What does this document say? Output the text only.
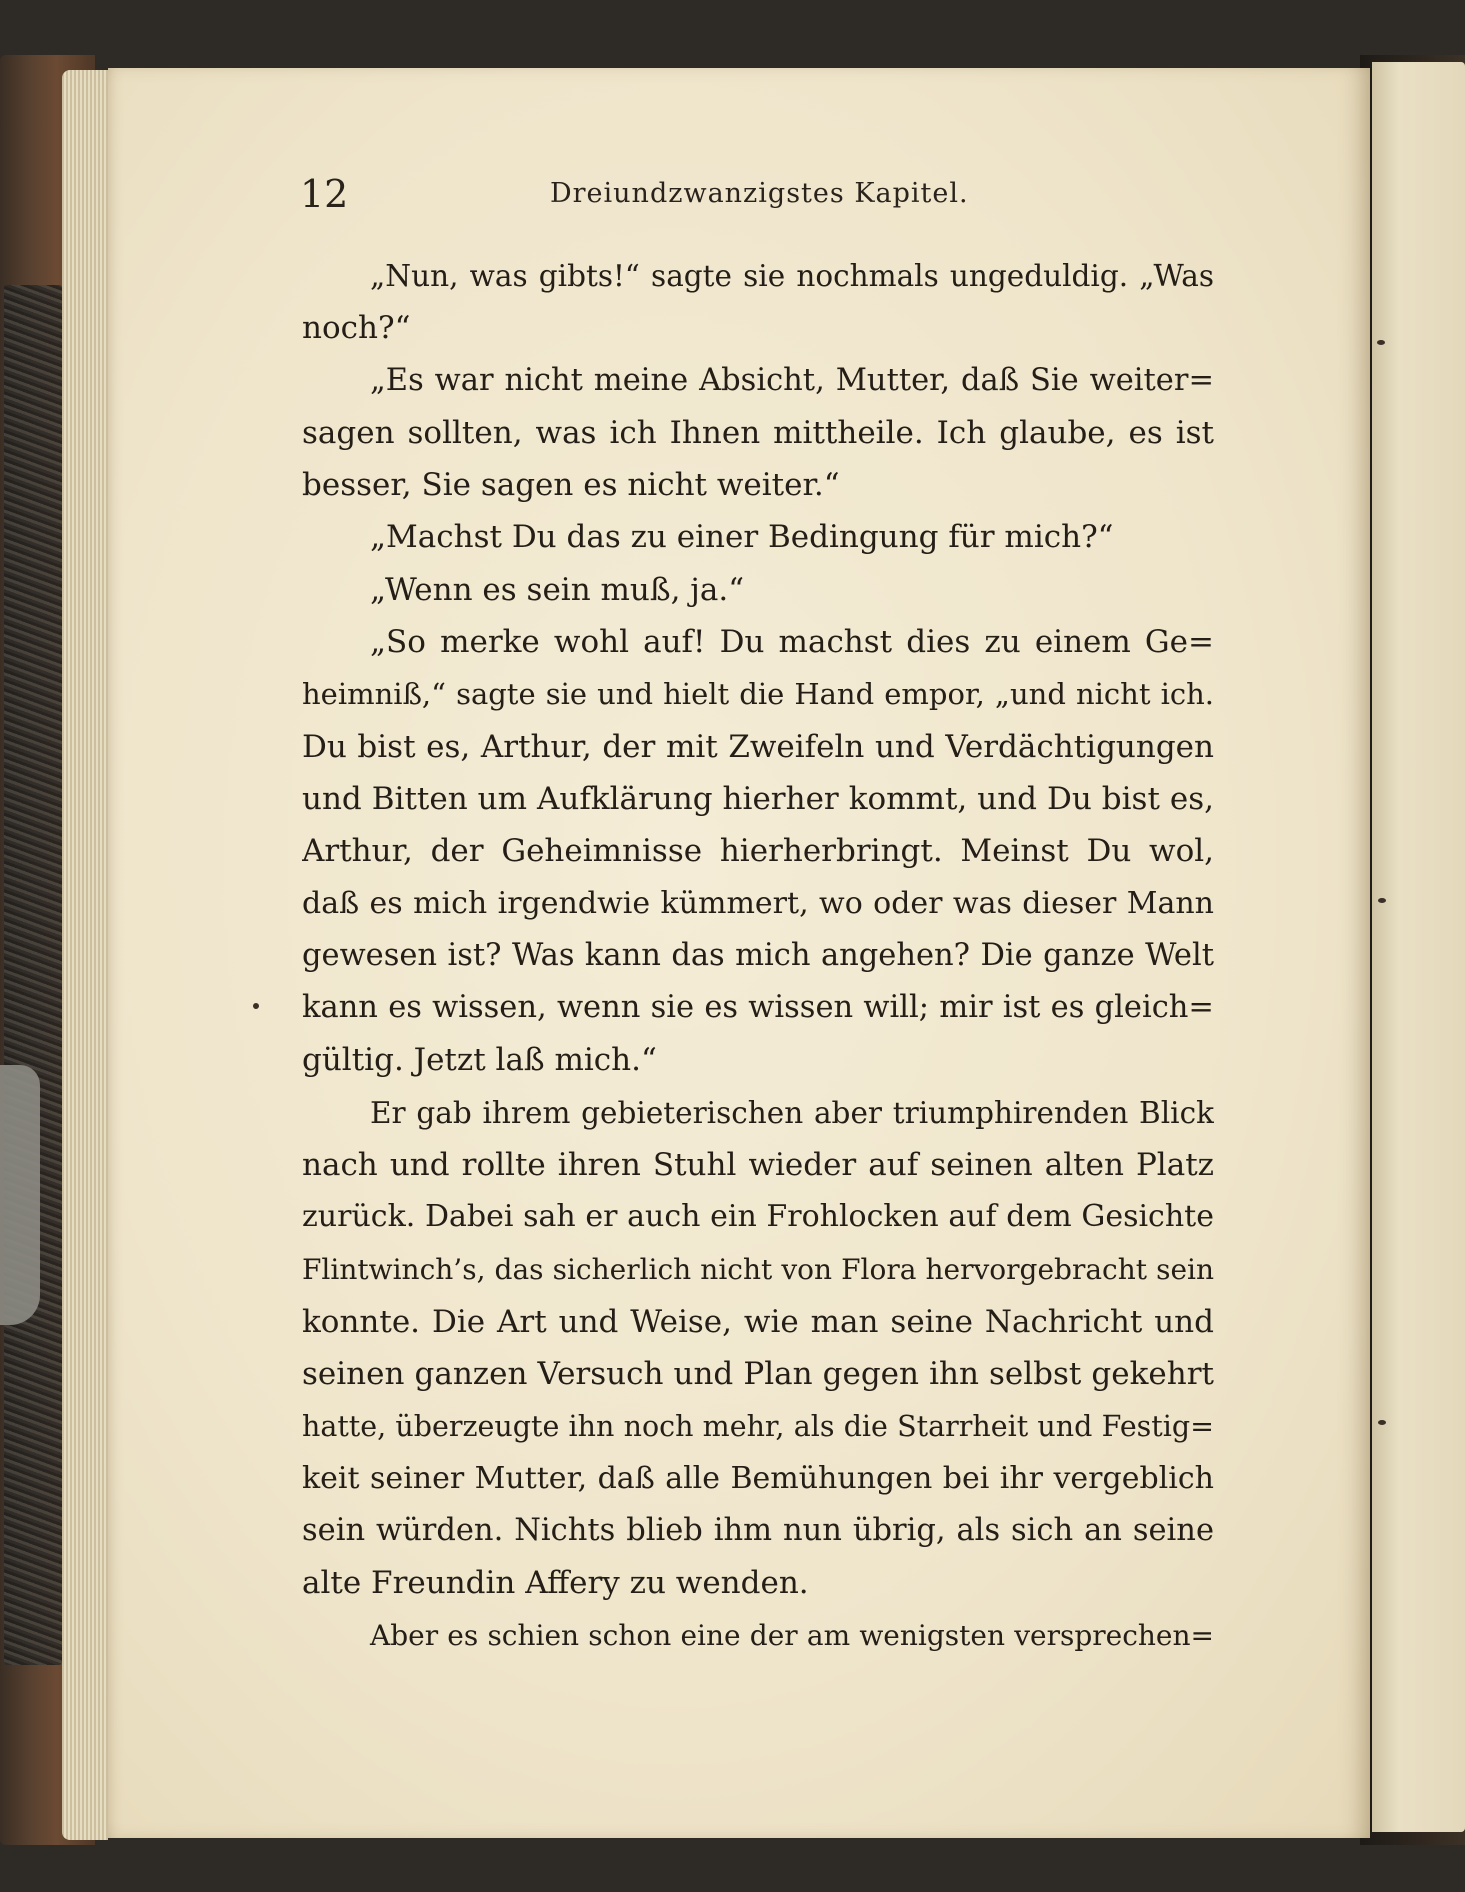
12	Dreiundzwanzigstes Kapitel.
„Nun, was gibts!“ sagte sie nochmals ungeduldig. „Was
noch?“
„Es war nicht meine Absicht, Mutter, daß Sie weiter=
sagen sollten, was ich Ihnen mittheile. Ich glaube, es ist
besser, Sie sagen es nicht weiter.“
„Machst Du das zu einer Bedingung für mich?“
„Wenn es sein muß, ja.“
„So merke wohl auf! Du machst dies zu einem Ge=
heimniß,“ sagte sie und hielt die Hand empor, „und nicht ich.
Du bist es, Arthur, der mit Zweifeln und Verdächtigungen
und Bitten um Aufklärung hierher kommt, und Du bist es,
Arthur, der Geheimnisse hierherbringt. Meinst Du wol,
daß es mich irgendwie kümmert, wo oder was dieser Mann
gewesen ist? Was kann das mich angehen? Die ganze Welt
kann es wissen, wenn sie es wissen will; mir ist es gleich=
gültig. Jetzt laß mich.“
Er gab ihrem gebieterischen aber triumphirenden Blick
nach und rollte ihren Stuhl wieder auf seinen alten Platz
zurück. Dabei sah er auch ein Frohlocken auf dem Gesichte
Flintwinch’s, das sicherlich nicht von Flora hervorgebracht sein
konnte. Die Art und Weise, wie man seine Nachricht und
seinen ganzen Versuch und Plan gegen ihn selbst gekehrt
hatte, überzeugte ihn noch mehr, als die Starrheit und Festig=
keit seiner Mutter, daß alle Bemühungen bei ihr vergeblich
sein würden. Nichts blieb ihm nun übrig, als sich an seine
alte Freundin Affery zu wenden.
Aber es schien schon eine der am wenigsten versprechen=
